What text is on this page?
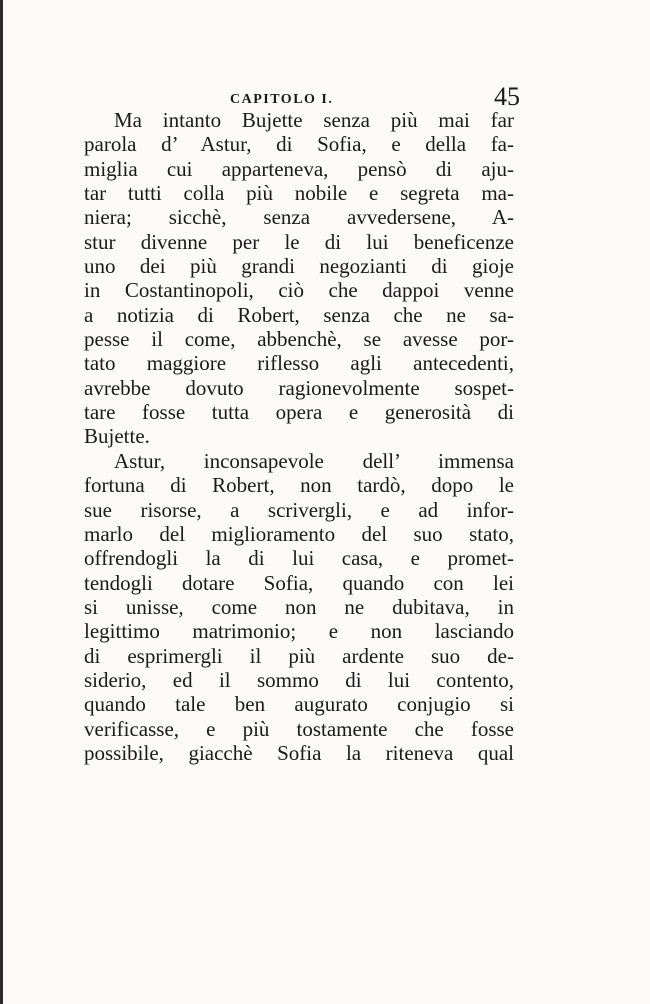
CAPITOLO I.	45
Ma intanto Bujette senza più mai far
parola d’ Astur, di Sofia, e della fa-
miglia cui apparteneva, pensò di aju-
tar tutti colla più nobile e segreta ma-
niera; sicchè, senza avvedersene, A-
stur divenne per le di lui beneficenze
uno dei più grandi negozianti di gioje
in Costantinopoli, ciò che dappoi venne
a notizia di Robert, senza che ne sa-
pesse il come, abbenchè, se avesse por-
tato maggiore riflesso agli antecedenti,
avrebbe dovuto ragionevolmente sospet-
tare fosse tutta opera e generosità di
Bujette.
Astur, inconsapevole dell’ immensa
fortuna di Robert, non tardò, dopo le
sue risorse, a scrivergli, e ad infor-
marlo del miglioramento del suo stato,
offrendogli la di lui casa, e promet-
tendogli dotare Sofia, quando con lei
si unisse, come non ne dubitava, in
legittimo matrimonio; e non lasciando
di esprimergli il più ardente suo de-
siderio, ed il sommo di lui contento,
quando tale ben augurato conjugio si
verificasse, e più tostamente che fosse
possibile, giacchè Sofia la riteneva qual
